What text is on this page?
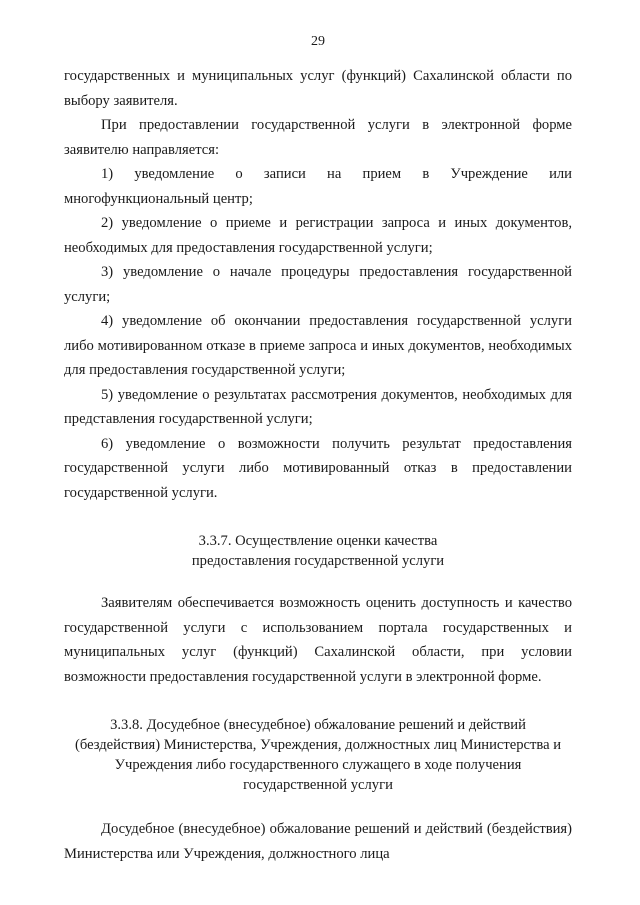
29

государственных и муниципальных услуг (функций) Сахалинской области по выбору заявителя.

При предоставлении государственной услуги в электронной форме заявителю направляется:

1) уведомление о записи на прием в Учреждение или многофункциональный центр;

2) уведомление о приеме и регистрации запроса и иных документов, необходимых для предоставления государственной услуги;

3) уведомление о начале процедуры предоставления государственной услуги;

4) уведомление об окончании предоставления государственной услуги либо мотивированном отказе в приеме запроса и иных документов, необходимых для предоставления государственной услуги;

5) уведомление о результатах рассмотрения документов, необходимых для представления государственной услуги;

6) уведомление о возможности получить результат предоставления государственной услуги либо мотивированный отказ в предоставлении государственной услуги.

3.3.7. Осуществление оценки качества

предоставления государственной услуги

Заявителям обеспечивается возможность оценить доступность и качество государственной услуги с использованием портала государственных и муниципальных услуг (функций) Сахалинской области, при условии возможности предоставления государственной услуги в электронной форме.

3.3.8. Досудебное (внесудебное) обжалование решений и действий

(бездействия) Министерства, Учреждения, должностных лиц Министерства и

Учреждения либо государственного служащего в ходе получения

государственной услуги

Досудебное (внесудебное) обжалование решений и действий (бездействия) Министерства или Учреждения, должностного лица
